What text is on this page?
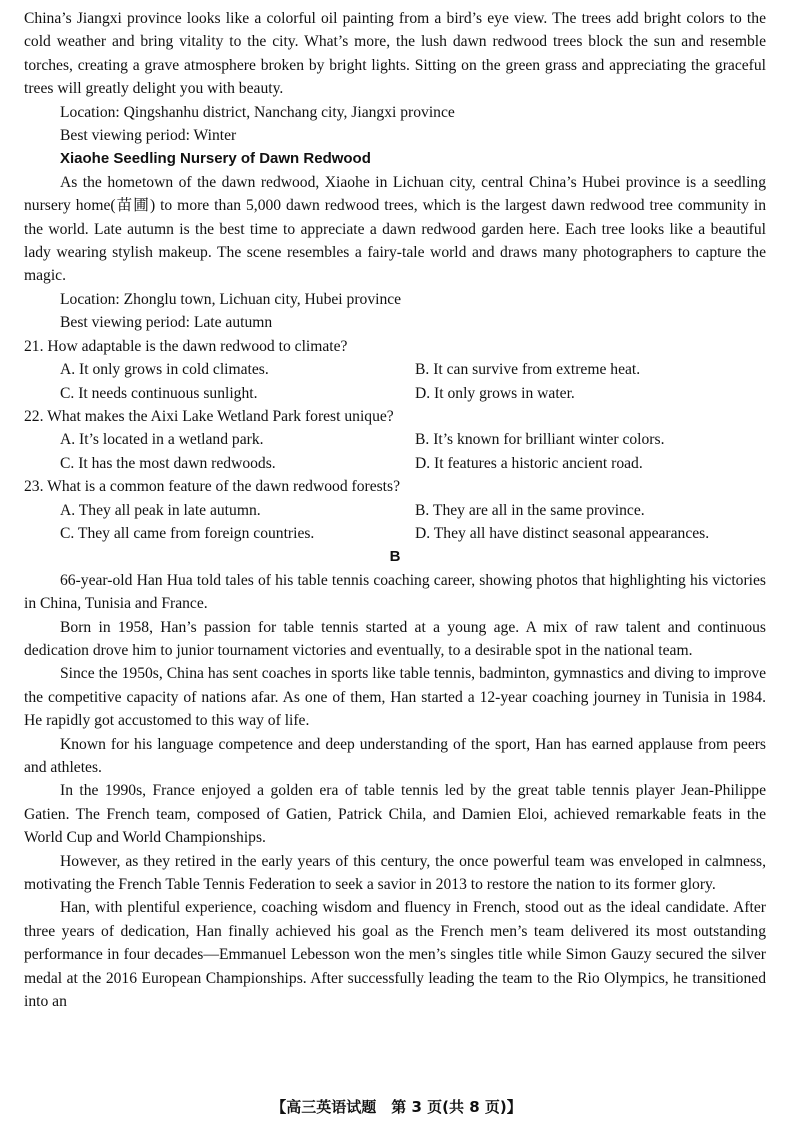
China’s Jiangxi province looks like a colorful oil painting from a bird’s eye view. The trees add bright colors to the cold weather and bring vitality to the city. What’s more, the lush dawn redwood trees block the sun and resemble torches, creating a grave atmosphere broken by bright lights. Sitting on the green grass and appreciating the graceful trees will greatly delight you with beauty.

Location: Qingshanhu district, Nanchang city, Jiangxi province

Best viewing period: Winter

Xiaohe Seedling Nursery of Dawn Redwood

As the hometown of the dawn redwood, Xiaohe in Lichuan city, central China’s Hubei province is a seedling nursery home(苗圃) to more than 5,000 dawn redwood trees, which is the largest dawn redwood tree community in the world. Late autumn is the best time to appreciate a dawn redwood garden here. Each tree looks like a beautiful lady wearing stylish makeup. The scene resembles a fairy-tale world and draws many photographers to capture the magic.

Location: Zhonglu town, Lichuan city, Hubei province

Best viewing period: Late autumn

21. How adaptable is the dawn redwood to climate?

A. It only grows in cold climates.	B. It can survive from extreme heat.
C. It needs continuous sunlight.	D. It only grows in water.

22. What makes the Aixi Lake Wetland Park forest unique?

A. It’s located in a wetland park.	B. It’s known for brilliant winter colors.
C. It has the most dawn redwoods.	D. It features a historic ancient road.

23. What is a common feature of the dawn redwood forests?

A. They all peak in late autumn.	B. They are all in the same province.
C. They all came from foreign countries.	D. They all have distinct seasonal appearances.

B

66-year-old Han Hua told tales of his table tennis coaching career, showing photos that highlighting his victories in China, Tunisia and France.

Born in 1958, Han’s passion for table tennis started at a young age. A mix of raw talent and continuous dedication drove him to junior tournament victories and eventually, to a desirable spot in the national team.

Since the 1950s, China has sent coaches in sports like table tennis, badminton, gymnastics and diving to improve the competitive capacity of nations afar. As one of them, Han started a 12-year coaching journey in Tunisia in 1984. He rapidly got accustomed to this way of life.

Known for his language competence and deep understanding of the sport, Han has earned applause from peers and athletes.

In the 1990s, France enjoyed a golden era of table tennis led by the great table tennis player Jean-Philippe Gatien. The French team, composed of Gatien, Patrick Chila, and Damien Eloi, achieved remarkable feats in the World Cup and World Championships.

However, as they retired in the early years of this century, the once powerful team was enveloped in calmness, motivating the French Table Tennis Federation to seek a savior in 2013 to restore the nation to its former glory.

Han, with plentiful experience, coaching wisdom and fluency in French, stood out as the ideal candidate. After three years of dedication, Han finally achieved his goal as the French men’s team delivered its most outstanding performance in four decades—Emmanuel Lebesson won the men’s singles title while Simon Gauzy secured the silver medal at the 2016 European Championships. After successfully leading the team to the Rio Olympics, he transitioned into an

【高三英语试题　第 3 页(共 8 页)】
